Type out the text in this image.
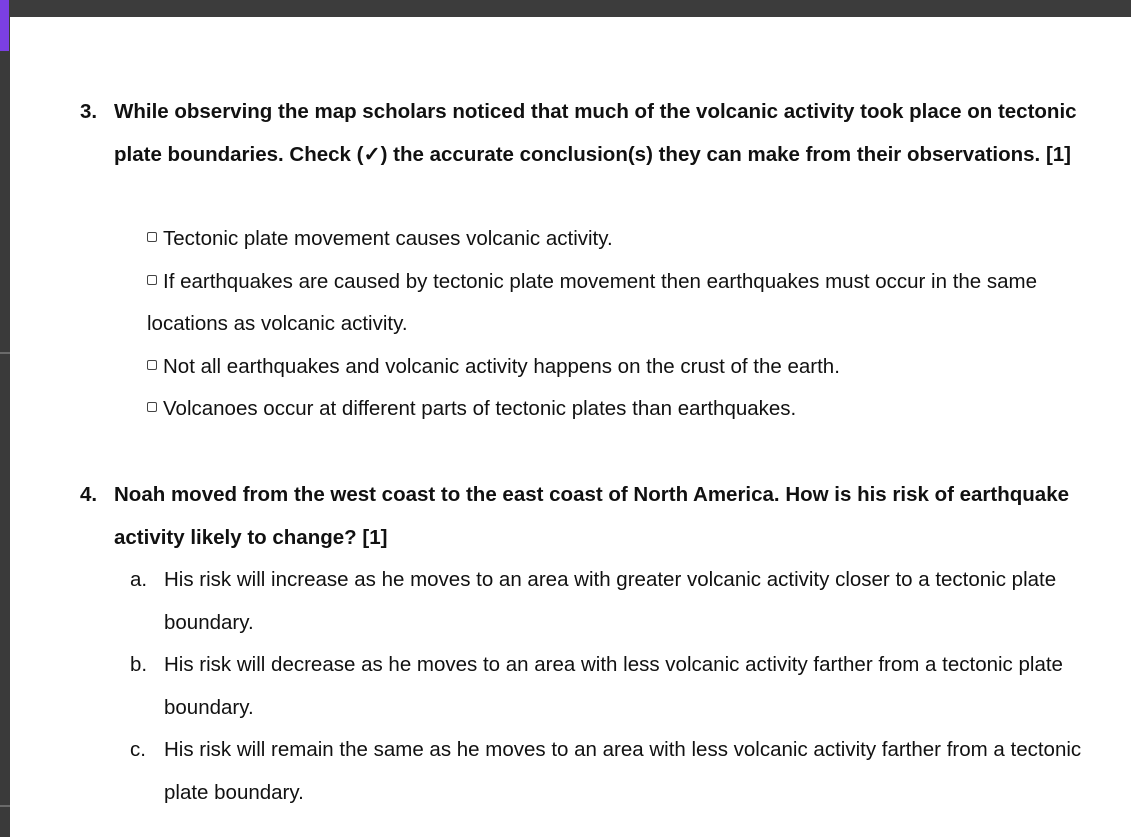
3. While observing the map scholars noticed that much of the volcanic activity took place on tectonic plate boundaries. Check (✓) the accurate conclusion(s) they can make from their observations. [1]
Tectonic plate movement causes volcanic activity.
If earthquakes are caused by tectonic plate movement then earthquakes must occur in the same locations as volcanic activity.
Not all earthquakes and volcanic activity happens on the crust of the earth.
Volcanoes occur at different parts of tectonic plates than earthquakes.
4. Noah moved from the west coast to the east coast of North America. How is his risk of earthquake activity likely to change? [1]
a. His risk will increase as he moves to an area with greater volcanic activity closer to a tectonic plate boundary.
b. His risk will decrease as he moves to an area with less volcanic activity farther from a tectonic plate boundary.
c. His risk will remain the same as he moves to an area with less volcanic activity farther from a tectonic plate boundary.
